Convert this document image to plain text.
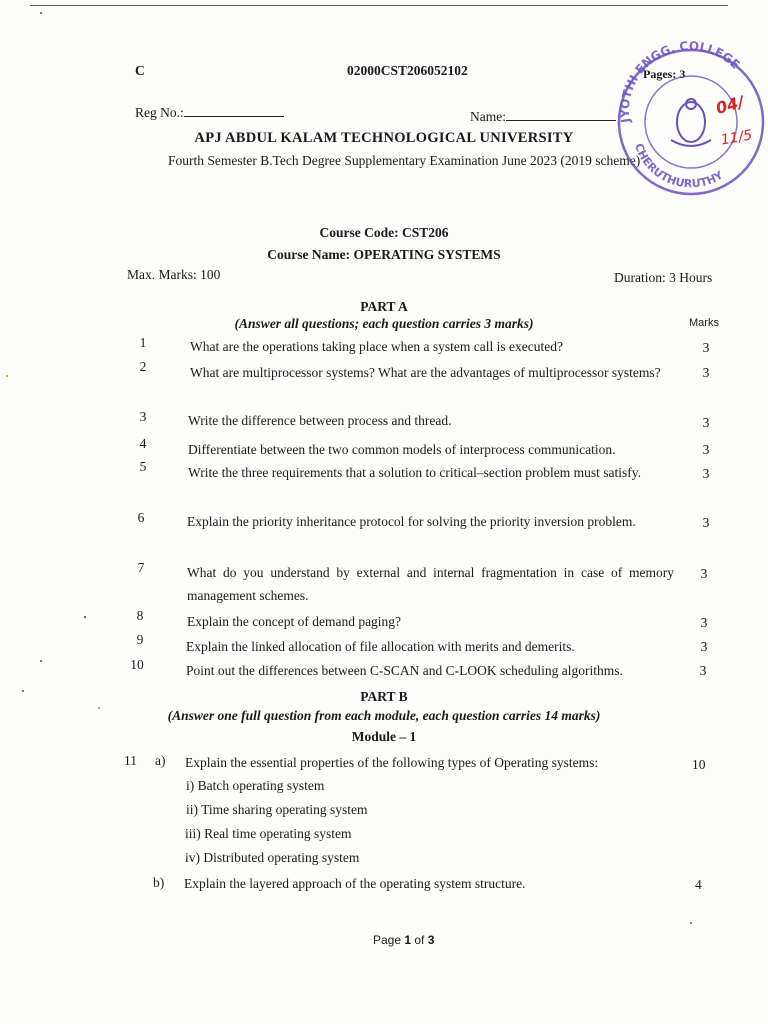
C	02000CST206052102	Pages: 3
Reg No.:	Name:
APJ ABDUL KALAM TECHNOLOGICAL UNIVERSITY
Fourth Semester B.Tech Degree Supplementary Examination June 2023 (2019 scheme)
JYOTHI ENGG. COLLEGE
CHERUTHURUTHY
04/
11/5
Course Code: CST206
Course Name: OPERATING SYSTEMS
Max. Marks: 100	Duration: 3 Hours
PART A
(Answer all questions; each question carries 3 marks)	Marks
1	What are the operations taking place when a system call is executed?	3
2	What are multiprocessor systems? What are the advantages of multiprocessor systems?	3
3	Write the difference between process and thread.	3
4	Differentiate between the two common models of interprocess communication.	3
5	Write the three requirements that a solution to critical–section problem must satisfy.	3
6	Explain the priority inheritance protocol for solving the priority inversion problem.	3
7	What do you understand by external and internal fragmentation in case of memory management schemes.
3
8	Explain the concept of demand paging?	3
9	Explain the linked allocation of file allocation with merits and demerits.	3
10	Point out the differences between C-SCAN and C-LOOK scheduling algorithms.	3
PART B
(Answer one full question from each module, each question carries 14 marks)
Module – 1
11 a) Explain the essential properties of the following types of Operating systems:	10
i) Batch operating system
ii) Time sharing operating system
iii) Real time operating system
iv) Distributed operating system
b) Explain the layered approach of the operating system structure.	4
Page 1 of 3
